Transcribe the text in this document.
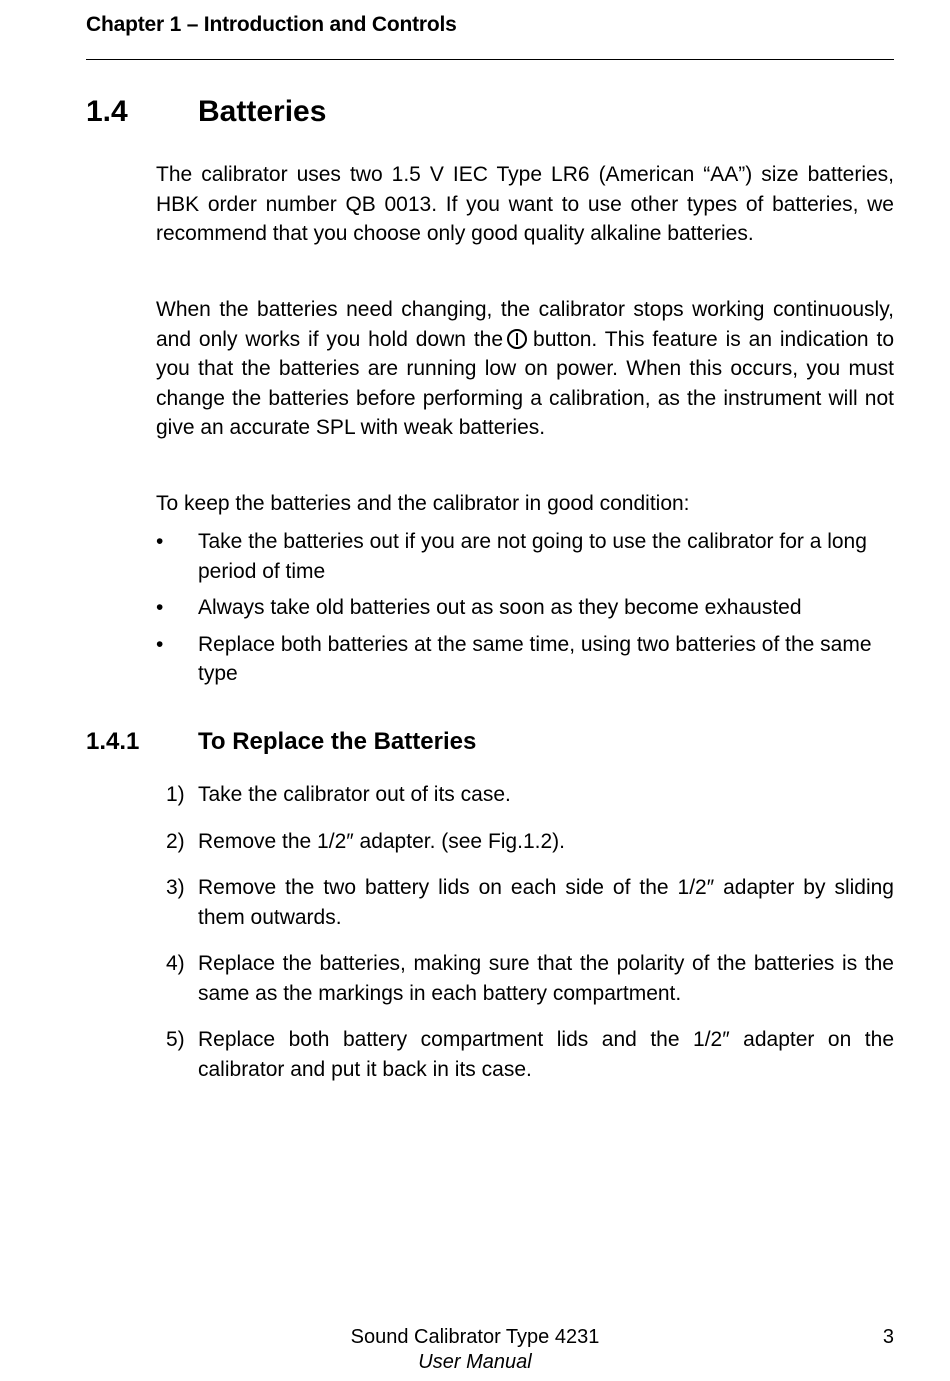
Chapter 1 – Introduction and Controls
1.4 Batteries
The calibrator uses two 1.5 V IEC Type LR6 (American “AA”) size batteries, HBK order number QB 0013. If you want to use other types of batteries, we recommend that you choose only good quality alkaline batteries.
When the batteries need changing, the calibrator stops working continuously, and only works if you hold down the button. This feature is an indication to you that the batteries are running low on power. When this occurs, you must change the batteries before performing a calibration, as the instrument will not give an accurate SPL with weak batteries.
To keep the batteries and the calibrator in good condition:
• Take the batteries out if you are not going to use the calibrator for a long period of time
• Always take old batteries out as soon as they become exhausted
• Replace both batteries at the same time, using two batteries of the same type
1.4.1 To Replace the Batteries
1) Take the calibrator out of its case.
2) Remove the 1/2″ adapter. (see Fig.1.2).
3) Remove the two battery lids on each side of the 1/2″ adapter by sliding them outwards.
4) Replace the batteries, making sure that the polarity of the batteries is the same as the markings in each battery compartment.
5) Replace both battery compartment lids and the 1/2″ adapter on the calibrator and put it back in its case.
Sound Calibrator Type 4231
User Manual
3
